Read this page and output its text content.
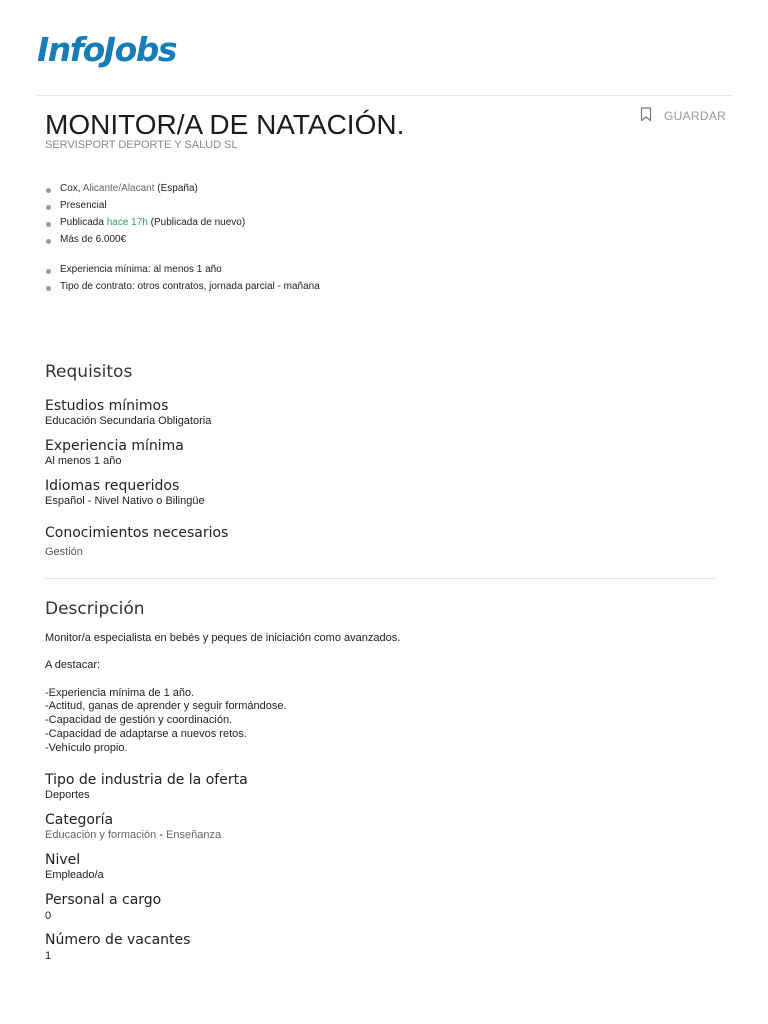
InfoJobs
MONITOR/A DE NATACIÓN.
SERVISPORT DEPORTE Y SALUD SL
GUARDAR
Cox, Alicante/Alacant (España)
Presencial
Publicada hace 17h (Publicada de nuevo)
Más de 6.000€
Experiencia mínima: al menos 1 año
Tipo de contrato: otros contratos, jornada parcial - mañana
Requisitos
Estudios mínimos
Educación Secundaria Obligatoria
Experiencia mínima
Al menos 1 año
Idiomas requeridos
Español - Nivel Nativo o Bilingüe
Conocimientos necesarios
Gestión
Descripción
Monitor/a especialista en bebés y peques de iniciación como avanzados.
A destacar:
-Experiencia mínima de 1 año.
-Actitud, ganas de aprender y seguir formándose.
-Capacidad de gestión y coordinación.
-Capacidad de adaptarse a nuevos retos.
-Vehículo propio.
Tipo de industria de la oferta
Deportes
Categoría
Educación y formación - Enseñanza
Nivel
Empleado/a
Personal a cargo
0
Número de vacantes
1
